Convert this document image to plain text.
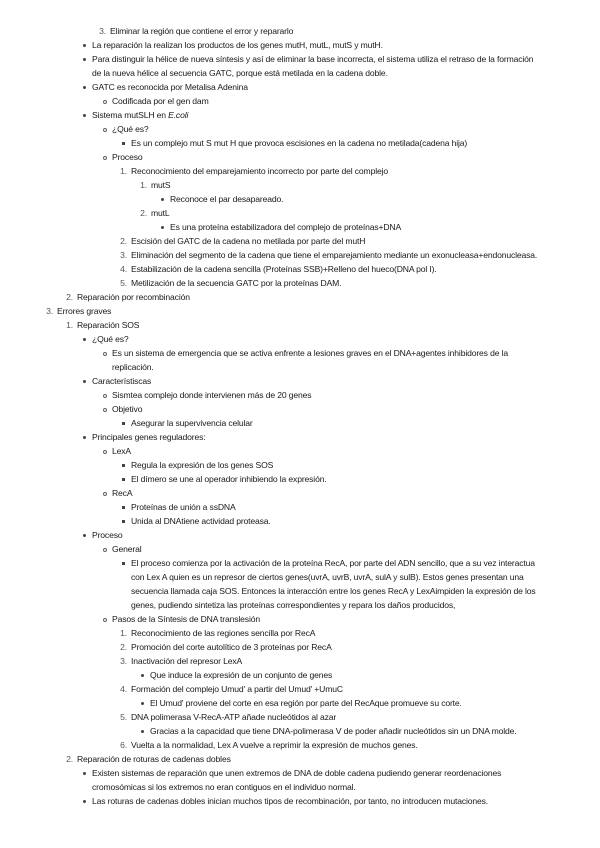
3. Eliminar la región que contiene el error y repararlo
La reparación la realizan los productos de los genes mutH, mutL, mutS y mutH.
Para distinguir la hélice de nueva síntesis y así de eliminar la base incorrecta, el sistema utiliza el retraso de la formación de la nueva hélice al secuencia GATC, porque está metilada en la cadena doble.
GATC es reconocida por Metalisa Adenina
Codificada por el gen dam
Sistema mutSLH en E.coli
¿Qué es?
Es un complejo mut S mut H que provoca escisiones en la cadena no metilada(cadena hija)
Proceso
1. Reconocimiento del emparejamiento incorrecto por parte del complejo
1. mutS
Reconoce el par desapareado.
2. mutL
Es una proteína estabilizadora del complejo de proteínas+DNA
2. Escisión del GATC de la cadena no metilada por parte del mutH
3. Eliminación del segmento de la cadena que tiene el emparejamiento mediante un exonucleasa+endonucleasa.
4. Estabilización de la cadena sencilla (Proteínas SSB)+Relleno del hueco(DNA pol I).
5. Metilización de la secuencia GATC por la proteínas DAM.
2. Reparación por recombinación
3. Errores graves
1. Reparación SOS
¿Qué es?
Es un sistema de emergencia que se activa enfrente a lesiones graves en el DNA+agentes inhibidores de la replicación.
Característiscas
Sismtea complejo donde intervienen más de 20 genes
Objetivo
Asegurar la supervivencia celular
Principales genes reguladores:
LexA
Regula la expresión de los genes SOS
El dímero se une al operador inhibiendo la expresión.
RecA
Proteínas de unión a ssDNA
Unida al DNAtiene actividad proteasa.
Proceso
General
El proceso comienza por la activación de la proteína RecA, por parte del ADN sencillo, que a su vez interactua con Lex A quien es un represor de ciertos genes(uvrA, uvrB, uvrA, sulA y sulB). Estos genes presentan una secuencia llamada caja SOS. Entonces la interacción entre los genes RecA y LexAimpiden la expresión de los genes, pudiendo sintetiza las proteínas correspondientes y repara los daños producidos,
Pasos de la Síntesis de DNA translesión
1. Reconocimiento de las regiones sencilla por RecA
2. Promoción del corte autolítico de 3 proteínas por RecA
3. Inactivación del represor LexA
Que induce la expresión de un conjunto de genes
4. Formación del complejo Umud' a partir del Umud' +UmuC
El Umud' proviene del corte en esa región por parte del RecAque promueve su corte.
5. DNA polimerasa V-RecA-ATP añade nucleótidos al azar
Gracias a la capacidad que tiene DNA-polimerasa V de poder añadir nucleótidos sin un DNA molde.
6. Vuelta a la normalidad, Lex A vuelve a reprimir la expresión de muchos genes.
2. Reparación de roturas de cadenas dobles
Existen sistemas de reparación que unen extremos de DNA de doble cadena pudiendo generar reordenaciones cromosómicas si los extremos no eran contiguos en el individuo normal.
Las roturas de cadenas dobles inician muchos tipos de recombinación, por tanto, no introducen mutaciones.
